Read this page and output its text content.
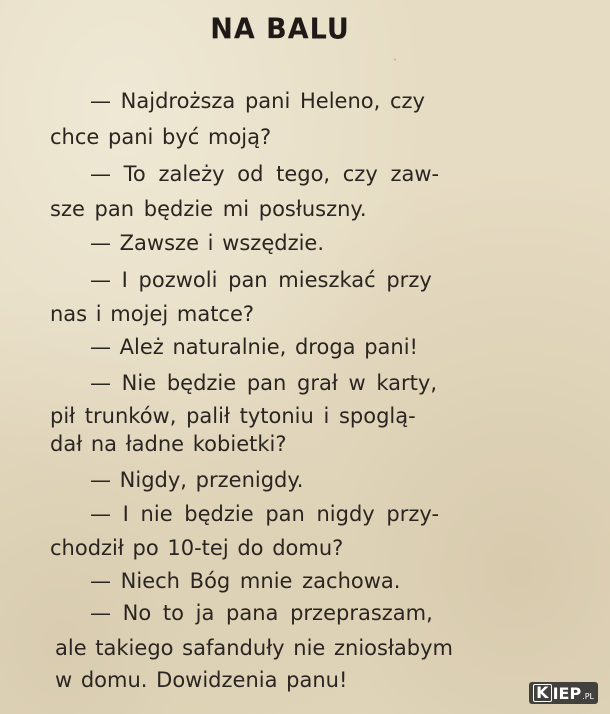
NA BALU
ˎ
— Najdroższa pani Heleno, czy
chce pani być moją?
— To zależy od tego, czy zaw-
sze pan będzie mi posłuszny.
— Zawsze i wszędzie.
— I pozwoli pan mieszkać przy
nas i mojej matce?
— Ależ naturalnie, droga pani!
— Nie będzie pan grał w karty,
pił trunków, palił tytoniu i spoglą-
dał na ładne kobietki?
— Nigdy, przenigdy.
— I nie będzie pan nigdy przy-
chodził po 10-tej do domu?
— Niech Bóg mnie zachowa.
— No to ja pana przepraszam,
ale takiego safanduły nie zniosłabym
w domu. Dowidzenia panu!
K IEP .PL
